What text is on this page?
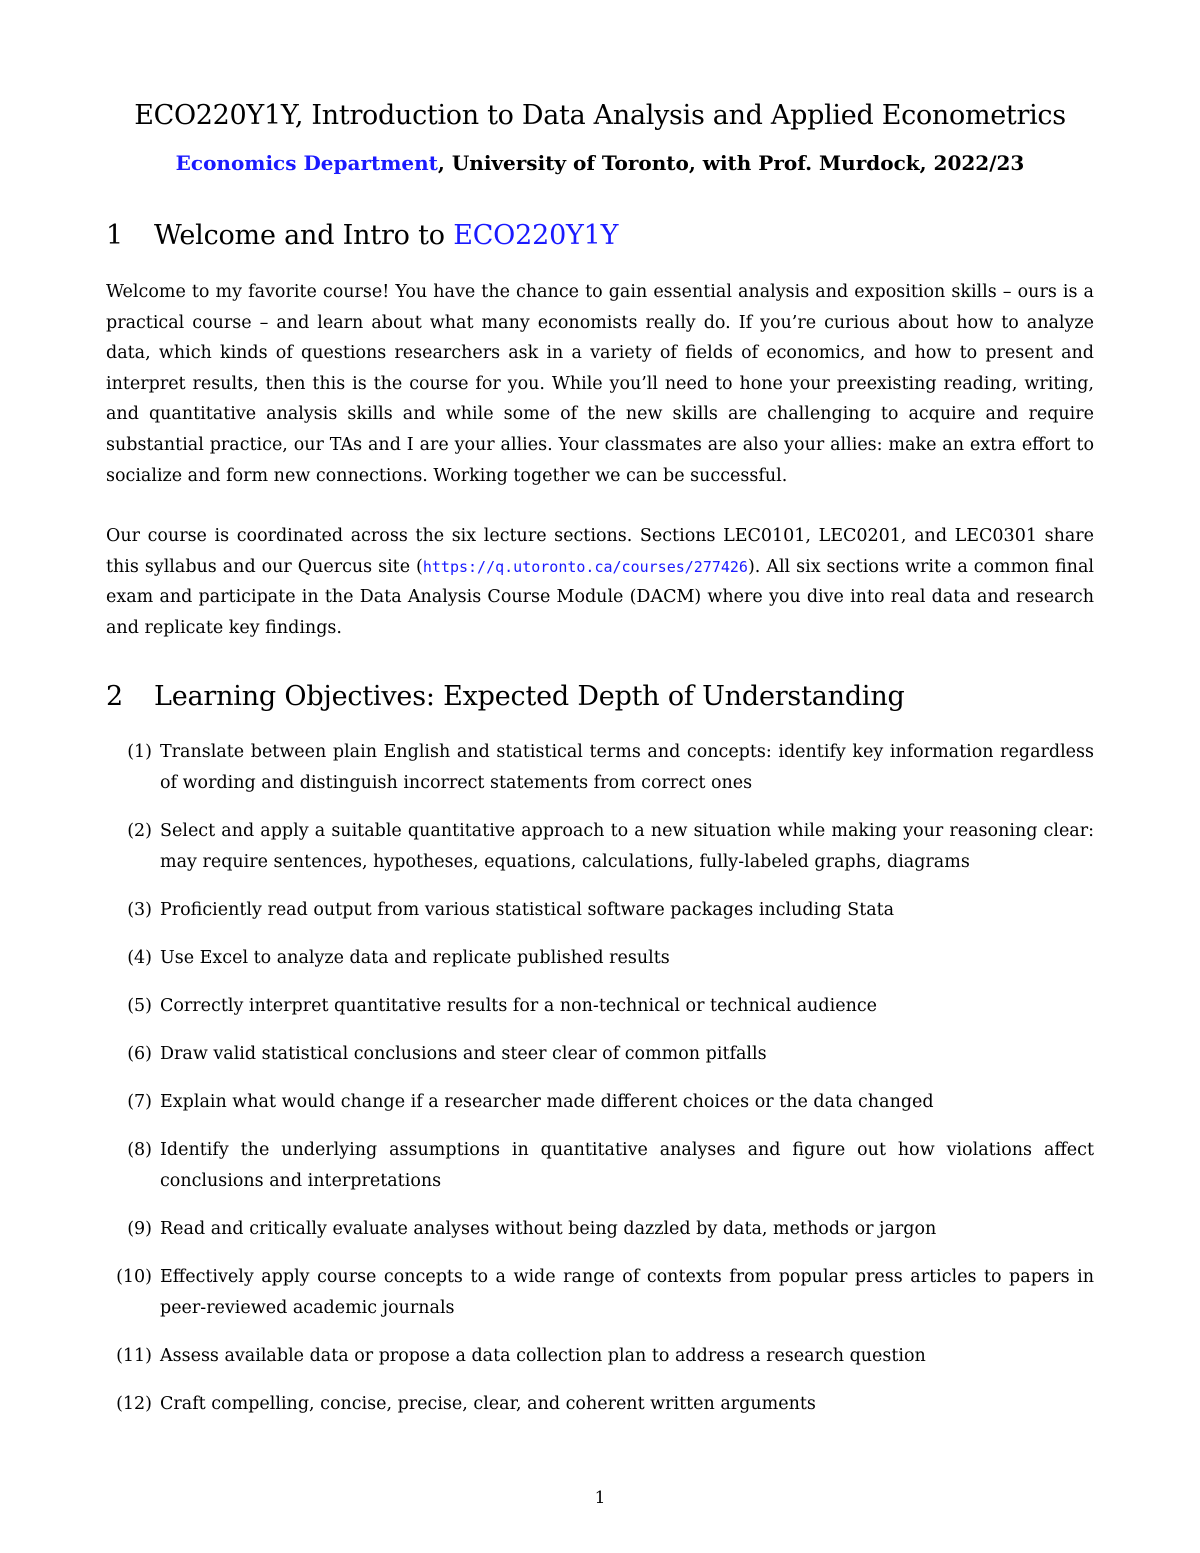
ECO220Y1Y, Introduction to Data Analysis and Applied Econometrics
Economics Department, University of Toronto, with Prof. Murdock, 2022/23
1 Welcome and Intro to ECO220Y1Y
Welcome to my favorite course! You have the chance to gain essential analysis and exposition skills – ours is a practical course – and learn about what many economists really do. If you’re curious about how to analyze data, which kinds of questions researchers ask in a variety of fields of economics, and how to present and interpret results, then this is the course for you. While you’ll need to hone your preexisting reading, writing, and quantitative analysis skills and while some of the new skills are challenging to acquire and require substantial practice, our TAs and I are your allies. Your classmates are also your allies: make an extra effort to socialize and form new connections. Working together we can be successful.
Our course is coordinated across the six lecture sections. Sections LEC0101, LEC0201, and LEC0301 share this syllabus and our Quercus site (https://q.utoronto.ca/courses/277426). All six sections write a common final exam and participate in the Data Analysis Course Module (DACM) where you dive into real data and research and replicate key findings.
2 Learning Objectives: Expected Depth of Understanding
(1) Translate between plain English and statistical terms and concepts: identify key information regardless of wording and distinguish incorrect statements from correct ones
(2) Select and apply a suitable quantitative approach to a new situation while making your reasoning clear: may require sentences, hypotheses, equations, calculations, fully-labeled graphs, diagrams
(3) Proficiently read output from various statistical software packages including Stata
(4) Use Excel to analyze data and replicate published results
(5) Correctly interpret quantitative results for a non-technical or technical audience
(6) Draw valid statistical conclusions and steer clear of common pitfalls
(7) Explain what would change if a researcher made different choices or the data changed
(8) Identify the underlying assumptions in quantitative analyses and figure out how violations affect conclusions and interpretations
(9) Read and critically evaluate analyses without being dazzled by data, methods or jargon
(10) Effectively apply course concepts to a wide range of contexts from popular press articles to papers in peer-reviewed academic journals
(11) Assess available data or propose a data collection plan to address a research question
(12) Craft compelling, concise, precise, clear, and coherent written arguments
1
